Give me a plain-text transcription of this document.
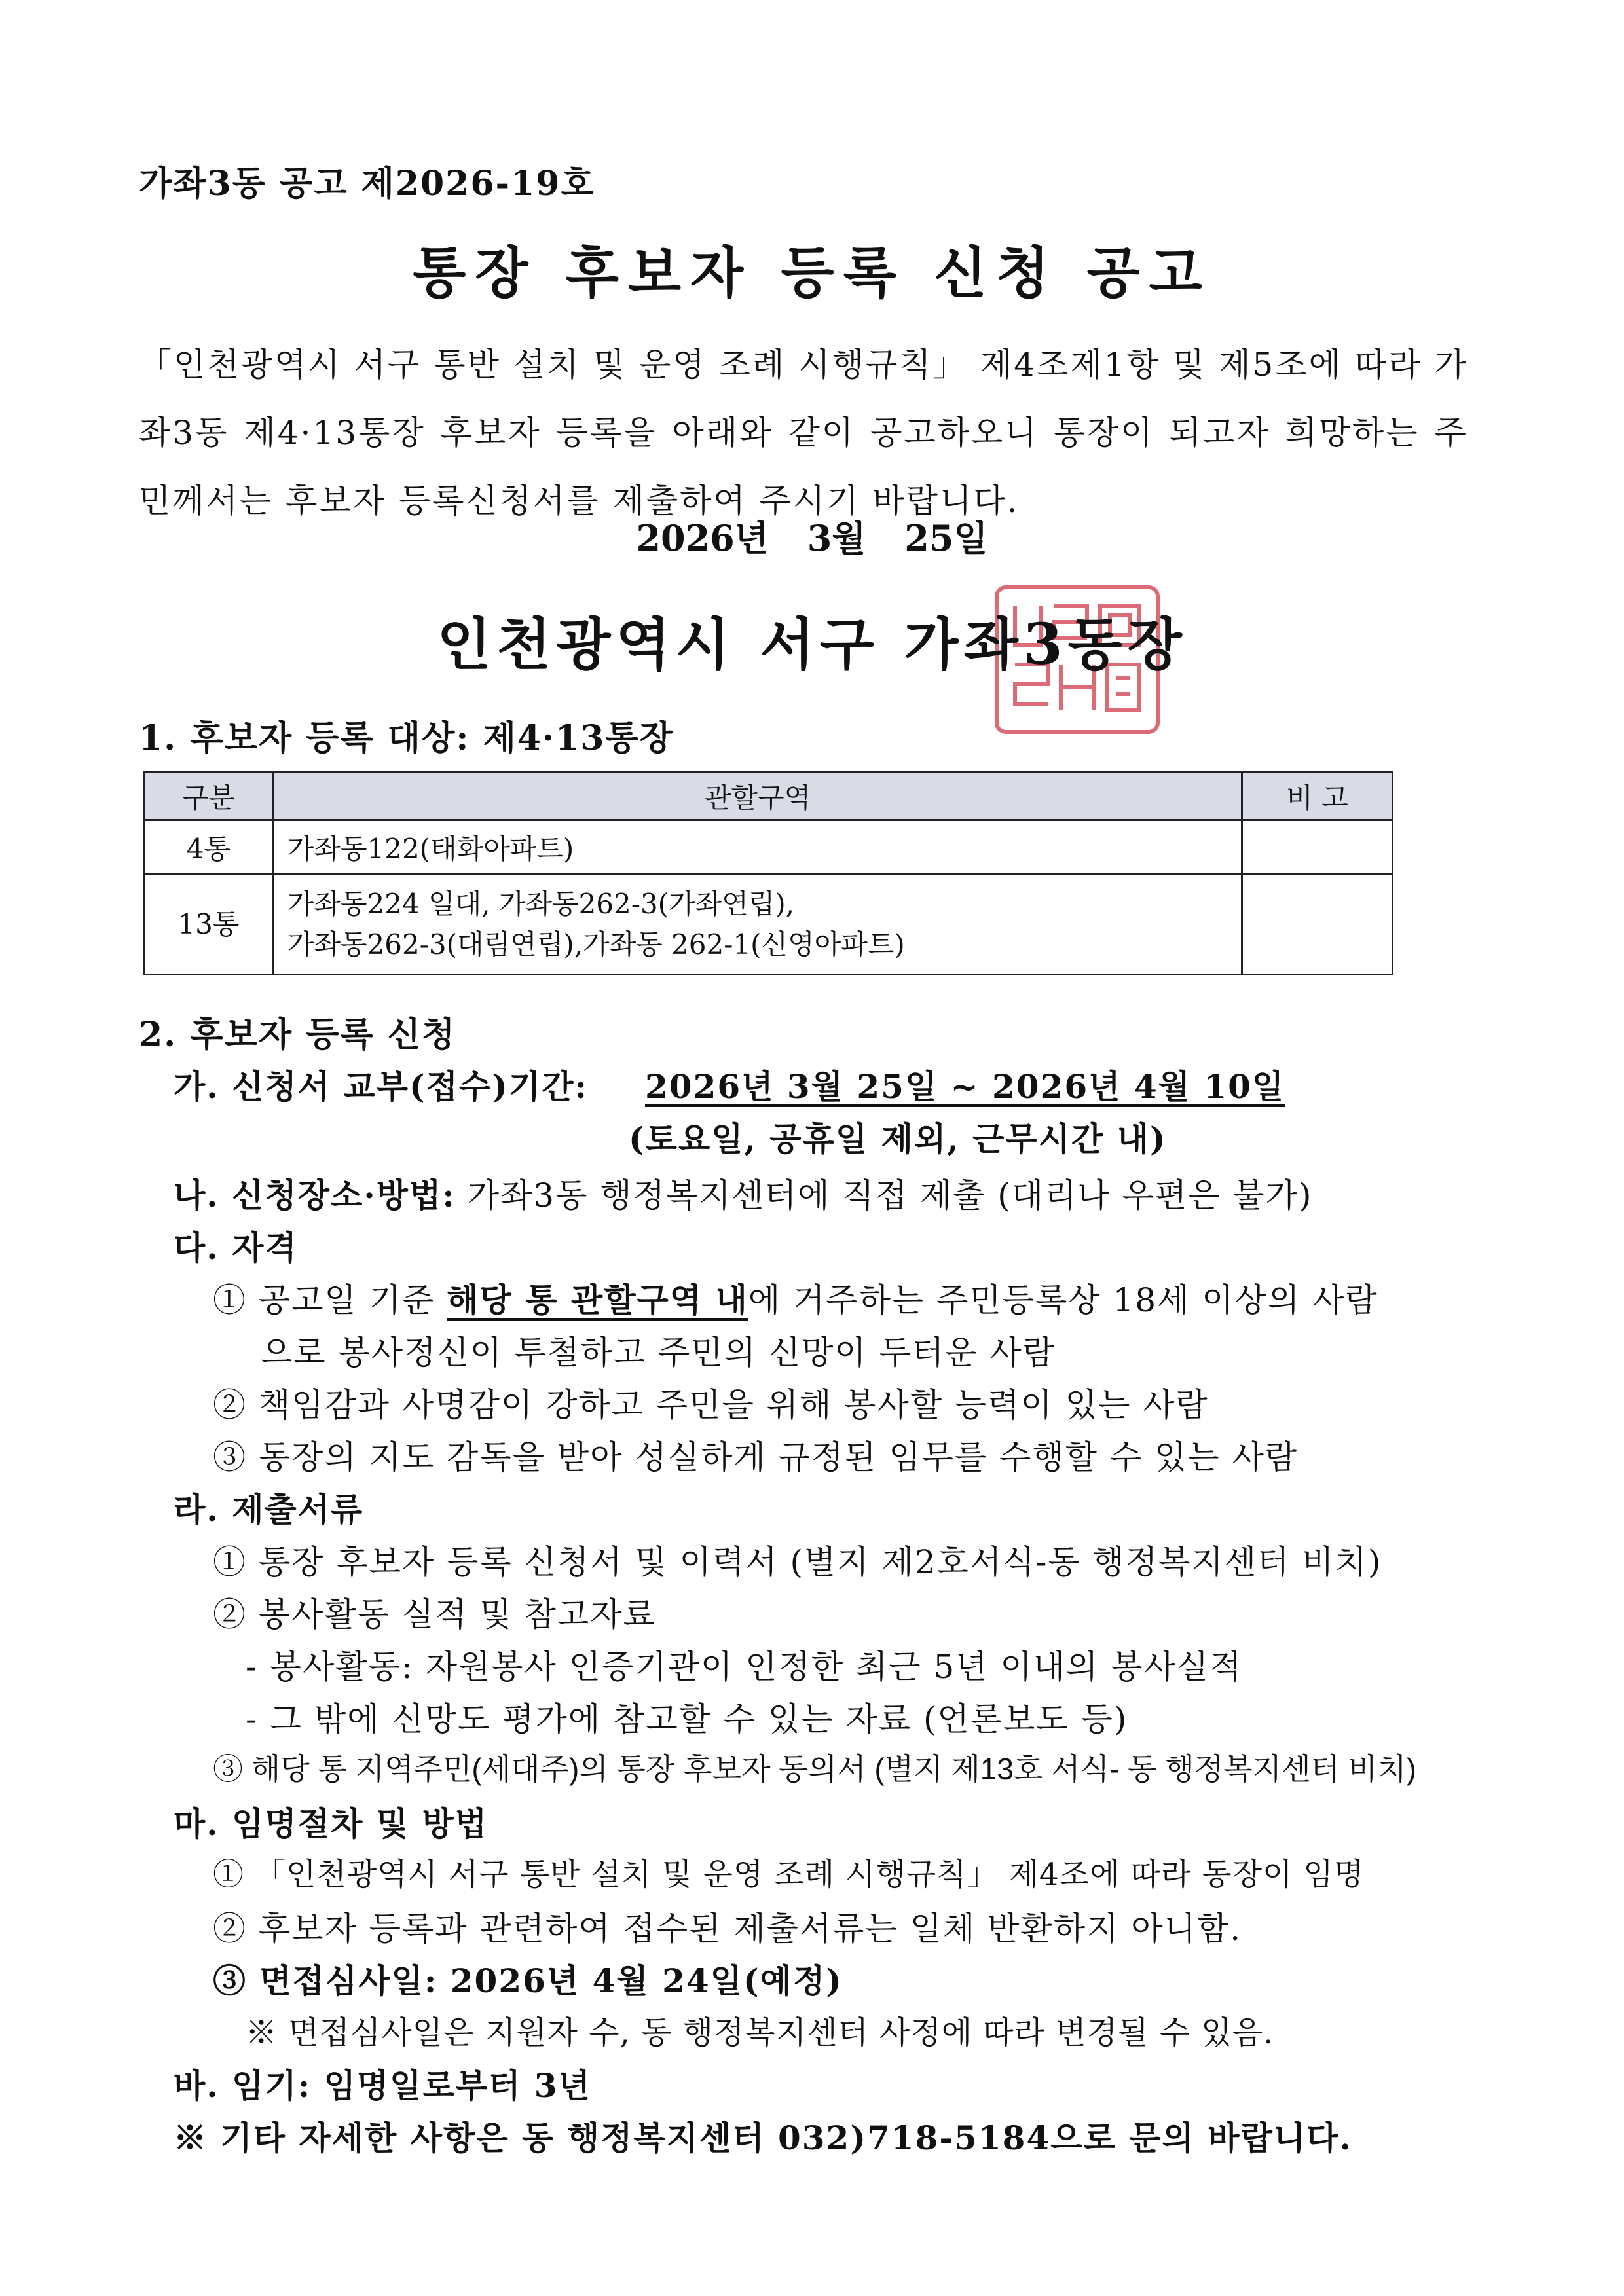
가좌3동 공고 제2026-19호
통장 후보자 등록 신청 공고
「인천광역시 서구 통반 설치 및 운영 조례 시행규칙」 제4조제1항 및 제5조에 따라 가좌3동 제4·13통장 후보자 등록을 아래와 같이 공고하오니 통장이 되고자 희망하는 주민께서는 후보자 등록신청서를 제출하여 주시기 바랍니다.
2026년 3월 25일
인천광역시 서구 가좌3동장
1. 후보자 등록 대상: 제4·13통장
구분	관할구역	비 고
4통	가좌동122(태화아파트)	
13통	가좌동224 일대, 가좌동262-3(가좌연립),
가좌동262-3(대림연립),가좌동 262-1(신영아파트)	

2. 후보자 등록 신청
가. 신청서 교부(접수)기간: 2026년 3월 25일 ~ 2026년 4월 10일
(토요일, 공휴일 제외, 근무시간 내)
나. 신청장소·방법: 가좌3동 행정복지센터에 직접 제출 (대리나 우편은 불가)
다. 자격
① 공고일 기준 해당 통 관할구역 내에 거주하는 주민등록상 18세 이상의 사람
으로 봉사정신이 투철하고 주민의 신망이 두터운 사람
② 책임감과 사명감이 강하고 주민을 위해 봉사할 능력이 있는 사람
③ 동장의 지도 감독을 받아 성실하게 규정된 임무를 수행할 수 있는 사람
라. 제출서류
① 통장 후보자 등록 신청서 및 이력서 (별지 제2호서식-동 행정복지센터 비치)
② 봉사활동 실적 및 참고자료
- 봉사활동: 자원봉사 인증기관이 인정한 최근 5년 이내의 봉사실적
- 그 밖에 신망도 평가에 참고할 수 있는 자료 (언론보도 등)
③ 해당 통 지역주민(세대주)의 통장 후보자 동의서 (별지 제13호 서식- 동 행정복지센터 비치)
마. 임명절차 및 방법
① 「인천광역시 서구 통반 설치 및 운영 조례 시행규칙」 제4조에 따라 동장이 임명
② 후보자 등록과 관련하여 접수된 제출서류는 일체 반환하지 아니함.
③ 면접심사일: 2026년 4월 24일(예정)
※ 면접심사일은 지원자 수, 동 행정복지센터 사정에 따라 변경될 수 있음.
바. 임기: 임명일로부터 3년
※ 기타 자세한 사항은 동 행정복지센터 032)718-5184으로 문의 바랍니다.
